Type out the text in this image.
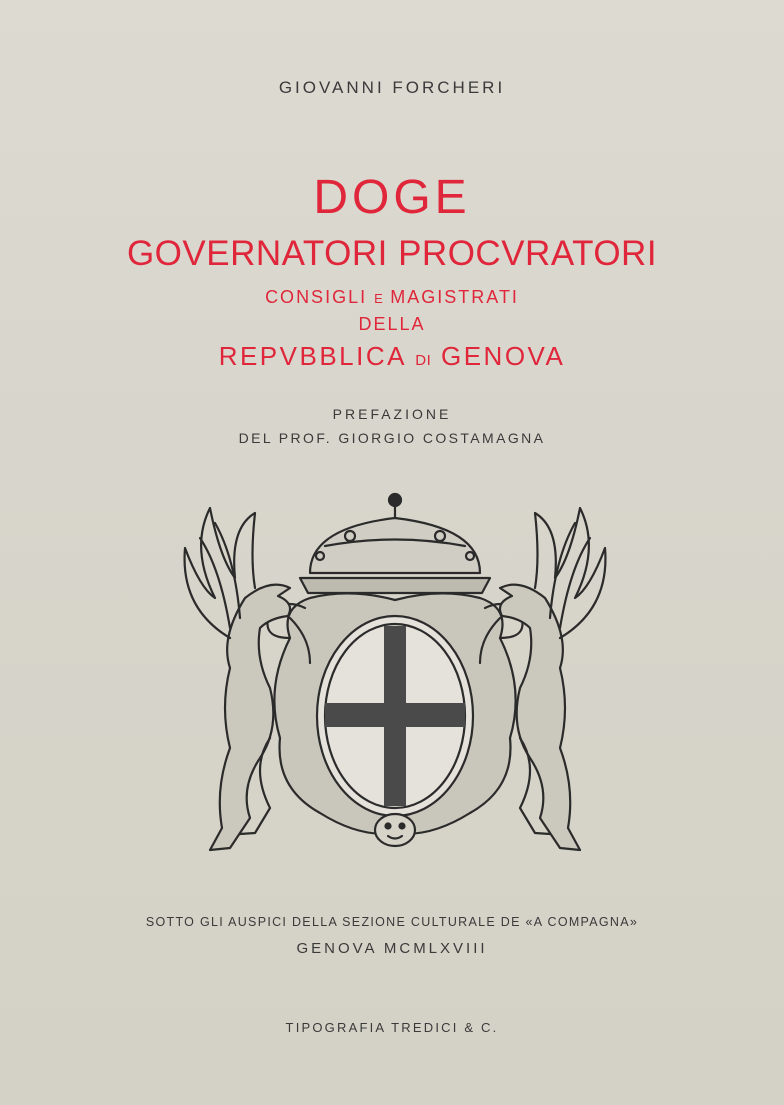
GIOVANNI FORCHERI
DOGE
GOVERNATORI PROCVRATORI
CONSIGLI E MAGISTRATI
DELLA
REPVBBLICA DI GENOVA
PREFAZIONE
DEL PROF. GIORGIO COSTAMAGNA
SOTTO GLI AUSPICI DELLA SEZIONE CULTURALE DE «A COMPAGNA»
GENOVA MCMLXVIII
TIPOGRAFIA TREDICI & C.
